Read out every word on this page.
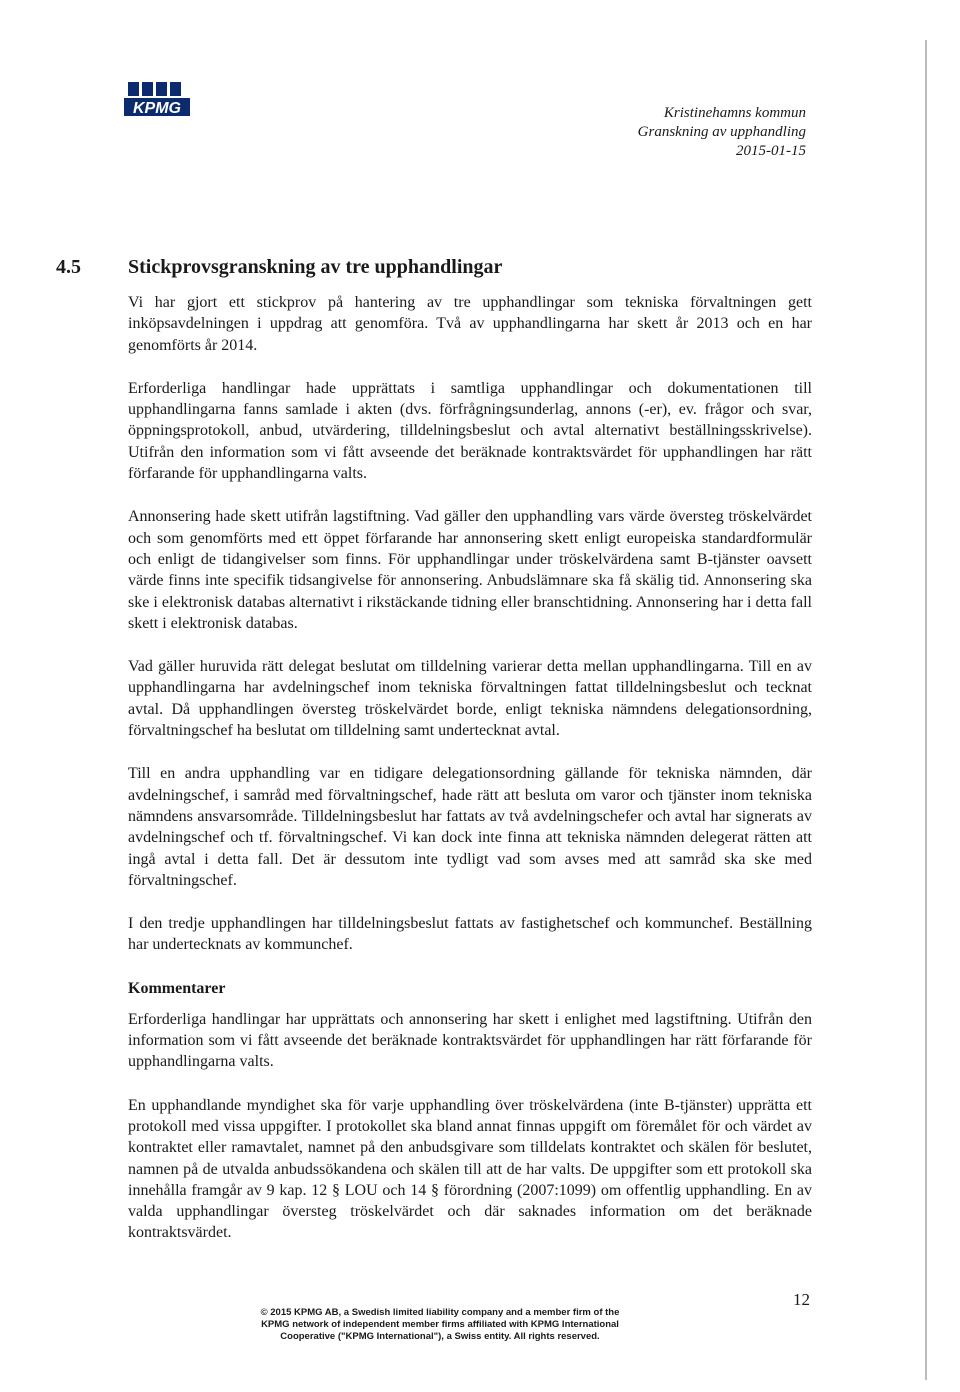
KPMG	Kristinehamns kommun
Granskning av upphandling
2015-01-15
4.5 Stickprovsgranskning av tre upphandlingar

Vi har gjort ett stickprov på hantering av tre upphandlingar som tekniska förvaltningen gett inköpsavdelningen i uppdrag att genomföra. Två av upphandlingarna har skett år 2013 och en har genomförts år 2014.

Erforderliga handlingar hade upprättats i samtliga upphandlingar och dokumentationen till upphandlingarna fanns samlade i akten (dvs. förfrågningsunderlag, annons (-er), ev. frågor och svar, öppningsprotokoll, anbud, utvärdering, tilldelningsbeslut och avtal alternativt beställningsskrivelse). Utifrån den information som vi fått avseende det beräknade kontraktsvärdet för upphandlingen har rätt förfarande för upphandlingarna valts.

Annonsering hade skett utifrån lagstiftning. Vad gäller den upphandling vars värde översteg tröskelvärdet och som genomförts med ett öppet förfarande har annonsering skett enligt europeiska standardformulär och enligt de tidangivelser som finns. För upphandlingar under tröskelvärdena samt B-tjänster oavsett värde finns inte specifik tidsangivelse för annonsering. Anbudslämnare ska få skälig tid. Annonsering ska ske i elektronisk databas alternativt i rikstäckande tidning eller branschtidning. Annonsering har i detta fall skett i elektronisk databas.

Vad gäller huruvida rätt delegat beslutat om tilldelning varierar detta mellan upphandlingarna. Till en av upphandlingarna har avdelningschef inom tekniska förvaltningen fattat tilldelningsbeslut och tecknat avtal. Då upphandlingen översteg tröskelvärdet borde, enligt tekniska nämndens delegationsordning, förvaltningschef ha beslutat om tilldelning samt undertecknat avtal.

Till en andra upphandling var en tidigare delegationsordning gällande för tekniska nämnden, där avdelningschef, i samråd med förvaltningschef, hade rätt att besluta om varor och tjänster inom tekniska nämndens ansvarsområde. Tilldelningsbeslut har fattats av två avdelningschefer och avtal har signerats av avdelningschef och tf. förvaltningschef. Vi kan dock inte finna att tekniska nämnden delegerat rätten att ingå avtal i detta fall. Det är dessutom inte tydligt vad som avses med att samråd ska ske med förvaltningschef.

I den tredje upphandlingen har tilldelningsbeslut fattats av fastighetschef och kommunchef. Beställning har undertecknats av kommunchef.

Kommentarer

Erforderliga handlingar har upprättats och annonsering har skett i enlighet med lagstiftning. Utifrån den information som vi fått avseende det beräknade kontraktsvärdet för upphandlingen har rätt förfarande för upphandlingarna valts.

En upphandlande myndighet ska för varje upphandling över tröskelvärdena (inte B-tjänster) upprätta ett protokoll med vissa uppgifter. I protokollet ska bland annat finnas uppgift om föremålet för och värdet av kontraktet eller ramavtalet, namnet på den anbudsgivare som tilldelats kontraktet och skälen för beslutet, namnen på de utvalda anbudssökandena och skälen till att de har valts. De uppgifter som ett protokoll ska innehålla framgår av 9 kap. 12 § LOU och 14 § förordning (2007:1099) om offentlig upphandling. En av valda upphandlingar översteg tröskelvärdet och där saknades information om det beräknade kontraktsvärdet.

© 2015 KPMG AB, a Swedish limited liability company and a member firm of the
KPMG network of independent member firms affiliated with KPMG International
Cooperative ("KPMG International"), a Swiss entity. All rights reserved.
12
